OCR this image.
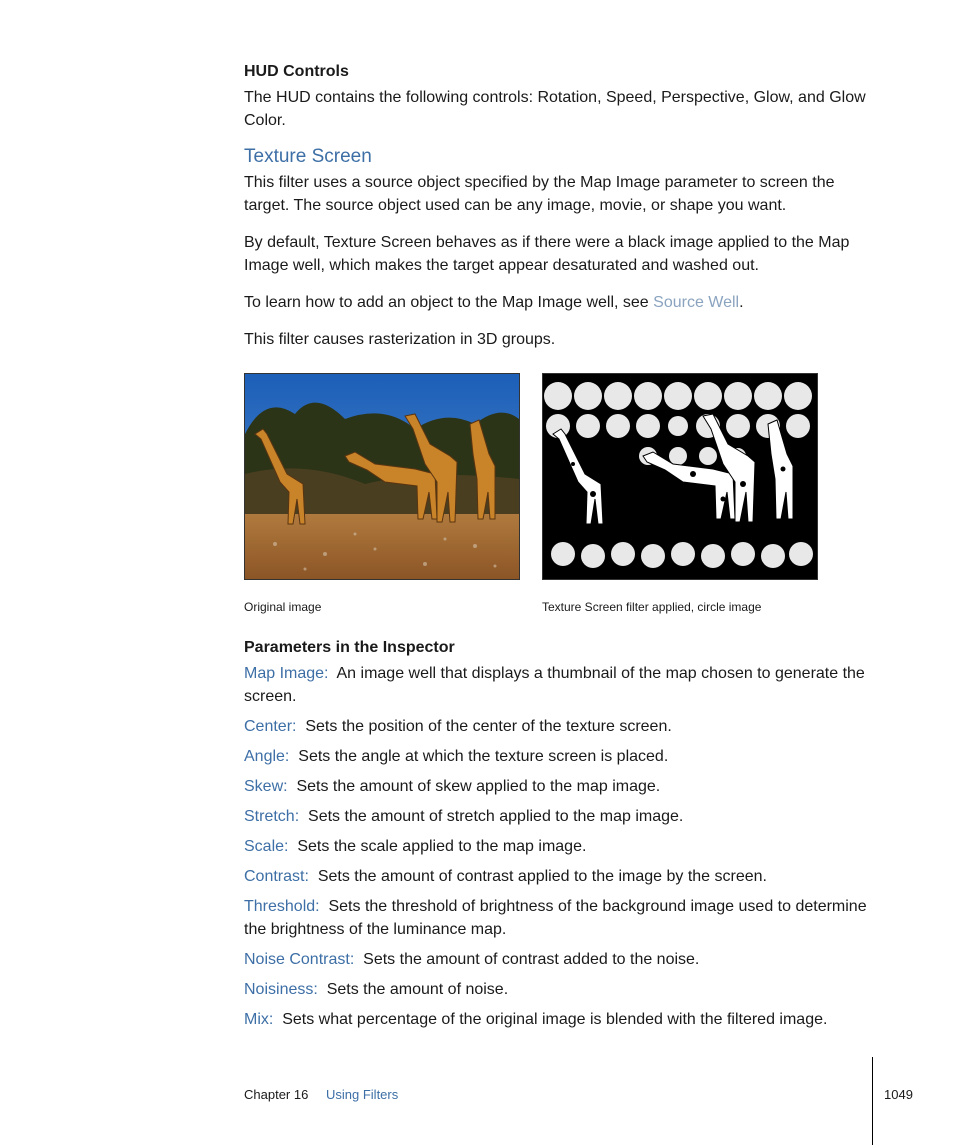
HUD Controls

The HUD contains the following controls: Rotation, Speed, Perspective, Glow, and Glow Color.

Texture Screen

This filter uses a source object specified by the Map Image parameter to screen the target. The source object used can be any image, movie, or shape you want.

By default, Texture Screen behaves as if there were a black image applied to the Map Image well, which makes the target appear desaturated and washed out.

To learn how to add an object to the Map Image well, see Source Well.

This filter causes rasterization in 3D groups.

Original image	Texture Screen filter applied, circle image
Parameters in the Inspector

Map Image: An image well that displays a thumbnail of the map chosen to generate the screen.

Center: Sets the position of the center of the texture screen.

Angle: Sets the angle at which the texture screen is placed.

Skew: Sets the amount of skew applied to the map image.

Stretch: Sets the amount of stretch applied to the map image.

Scale: Sets the scale applied to the map image.

Contrast: Sets the amount of contrast applied to the image by the screen.

Threshold: Sets the threshold of brightness of the background image used to determine the brightness of the luminance map.

Noise Contrast: Sets the amount of contrast added to the noise.

Noisiness: Sets the amount of noise.

Mix: Sets what percentage of the original image is blended with the filtered image.

Chapter 16 Using Filters	1049
